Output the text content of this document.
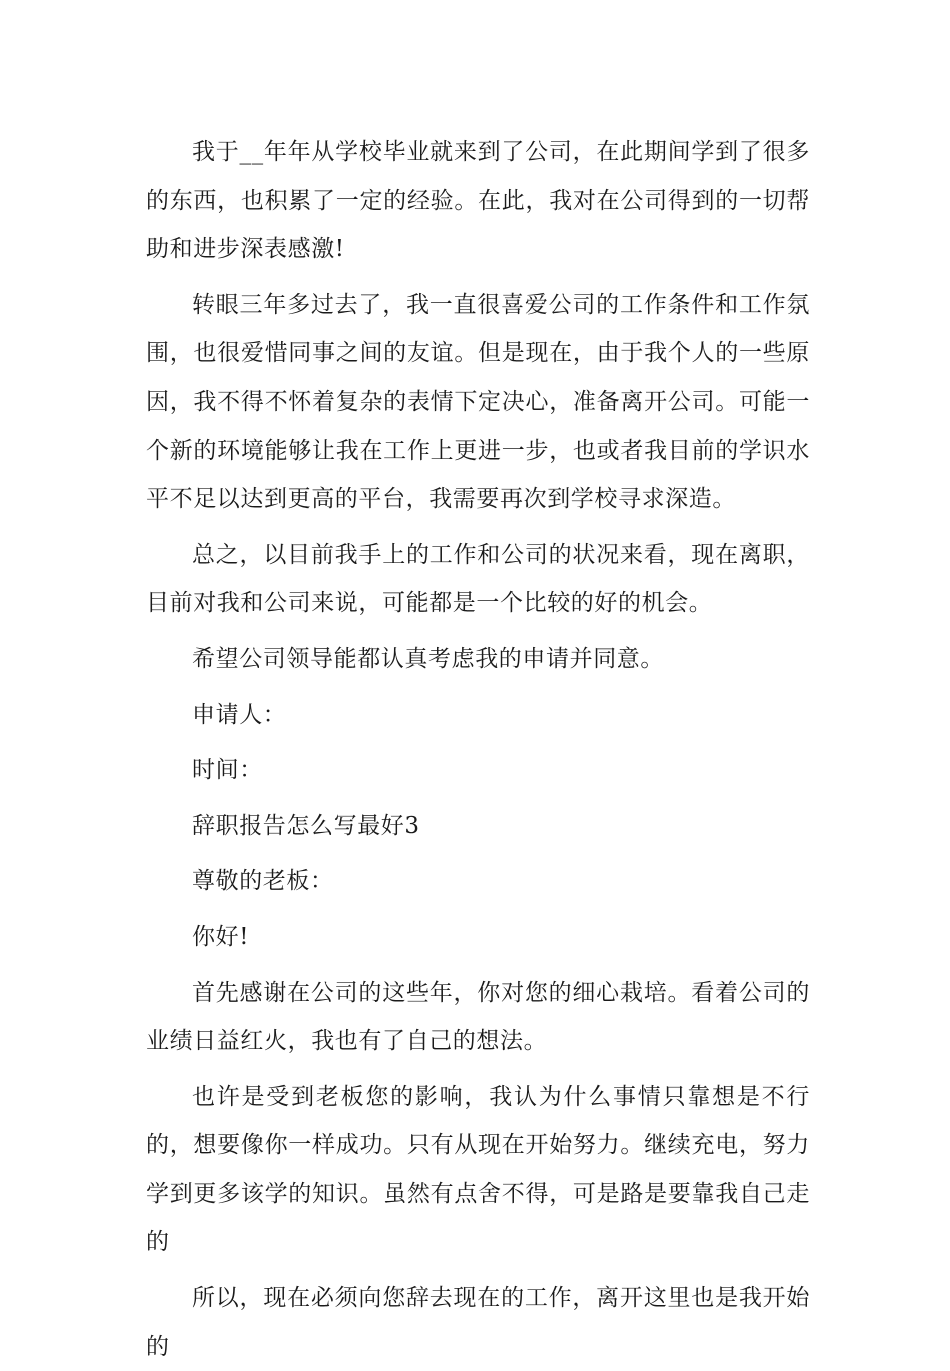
我于__年年从学校毕业就来到了公司，在此期间学到了很多的东西，也积累了一定的经验。在此，我对在公司得到的一切帮助和进步深表感激!

转眼三年多过去了，我一直很喜爱公司的工作条件和工作氛围，也很爱惜同事之间的友谊。但是现在，由于我个人的一些原因，我不得不怀着复杂的表情下定决心，准备离开公司。可能一个新的环境能够让我在工作上更进一步，也或者我目前的学识水平不足以达到更高的平台，我需要再次到学校寻求深造。

总之，以目前我手上的工作和公司的状况来看，现在离职，目前对我和公司来说，可能都是一个比较的好的机会。

希望公司领导能都认真考虑我的申请并同意。

申请人：

时间：

辞职报告怎么写最好3

尊敬的老板：

你好!

首先感谢在公司的这些年，你对您的细心栽培。看着公司的业绩日益红火，我也有了自己的想法。

也许是受到老板您的影响，我认为什么事情只靠想是不行的，想要像你一样成功。只有从现在开始努力。继续充电，努力学到更多该学的知识。虽然有点舍不得，可是路是要靠我自己走的

所以，现在必须向您辞去现在的工作，离开这里也是我开始的
